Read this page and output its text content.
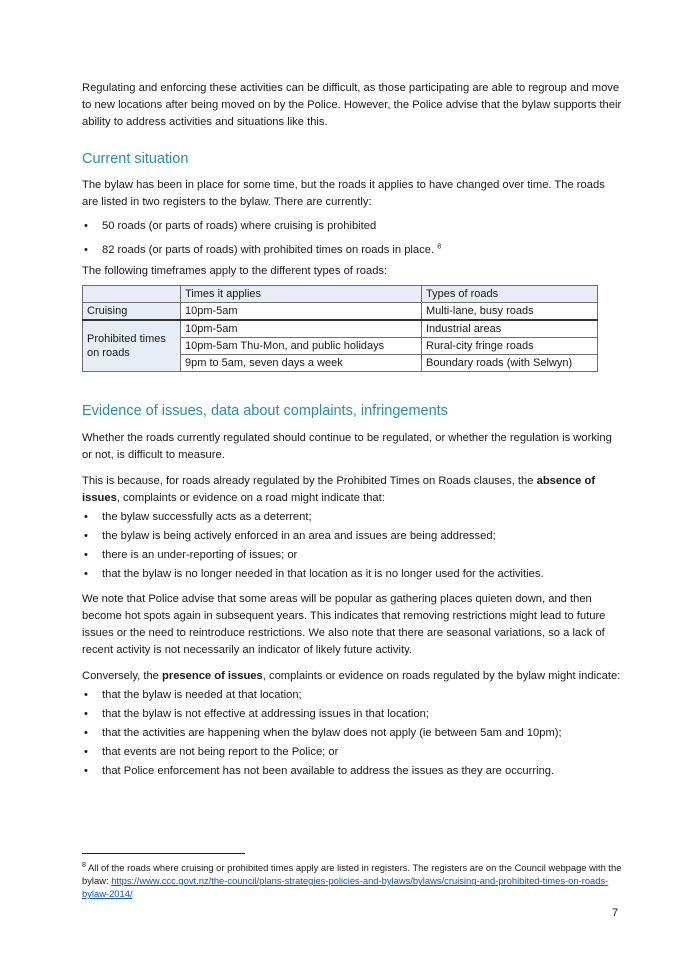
Regulating and enforcing these activities can be difficult, as those participating are able to regroup and move to new locations after being moved on by the Police. However, the Police advise that the bylaw supports their ability to address activities and situations like this.

Current situation

The bylaw has been in place for some time, but the roads it applies to have changed over time. The roads are listed in two registers to the bylaw. There are currently:

• 50 roads (or parts of roads) where cruising is prohibited
• 82 roads (or parts of roads) with prohibited times on roads in place. $^8$

The following timeframes apply to the different types of roads:

	Times it applies	Types of roads
Cruising	10pm-5am	Multi-lane, busy roads
Prohibited times on roads	10pm-5am	Industrial areas
	10pm-5am Thu-Mon, and public holidays	Rural-city fringe roads
	9pm to 5am, seven days a week	Boundary roads (with Selwyn)
Evidence of issues, data about complaints, infringements

Whether the roads currently regulated should continue to be regulated, or whether the regulation is working or not, is difficult to measure.

This is because, for roads already regulated by the Prohibited Times on Roads clauses, the absence of issues, complaints or evidence on a road might indicate that:

• the bylaw successfully acts as a deterrent;
• the bylaw is being actively enforced in an area and issues are being addressed;
• there is an under-reporting of issues; or
• that the bylaw is no longer needed in that location as it is no longer used for the activities.

We note that Police advise that some areas will be popular as gathering places quieten down, and then become hot spots again in subsequent years. This indicates that removing restrictions might lead to future issues or the need to reintroduce restrictions. We also note that there are seasonal variations, so a lack of recent activity is not necessarily an indicator of likely future activity.

Conversely, the presence of issues, complaints or evidence on roads regulated by the bylaw might indicate:

• that the bylaw is needed at that location;
• that the bylaw is not effective at addressing issues in that location;
• that the activities are happening when the bylaw does not apply (ie between 5am and 10pm);
• that events are not being report to the Police; or
• that Police enforcement has not been available to address the issues as they are occurring.
$^8$ All of the roads where cruising or prohibited times apply are listed in registers. The registers are on the Council webpage with the bylaw: https://www.ccc.govt.nz/the-council/plans-strategies-policies-and-bylaws/bylaws/cruising-and-prohibited-times-on-roads-bylaw-2014/
7
